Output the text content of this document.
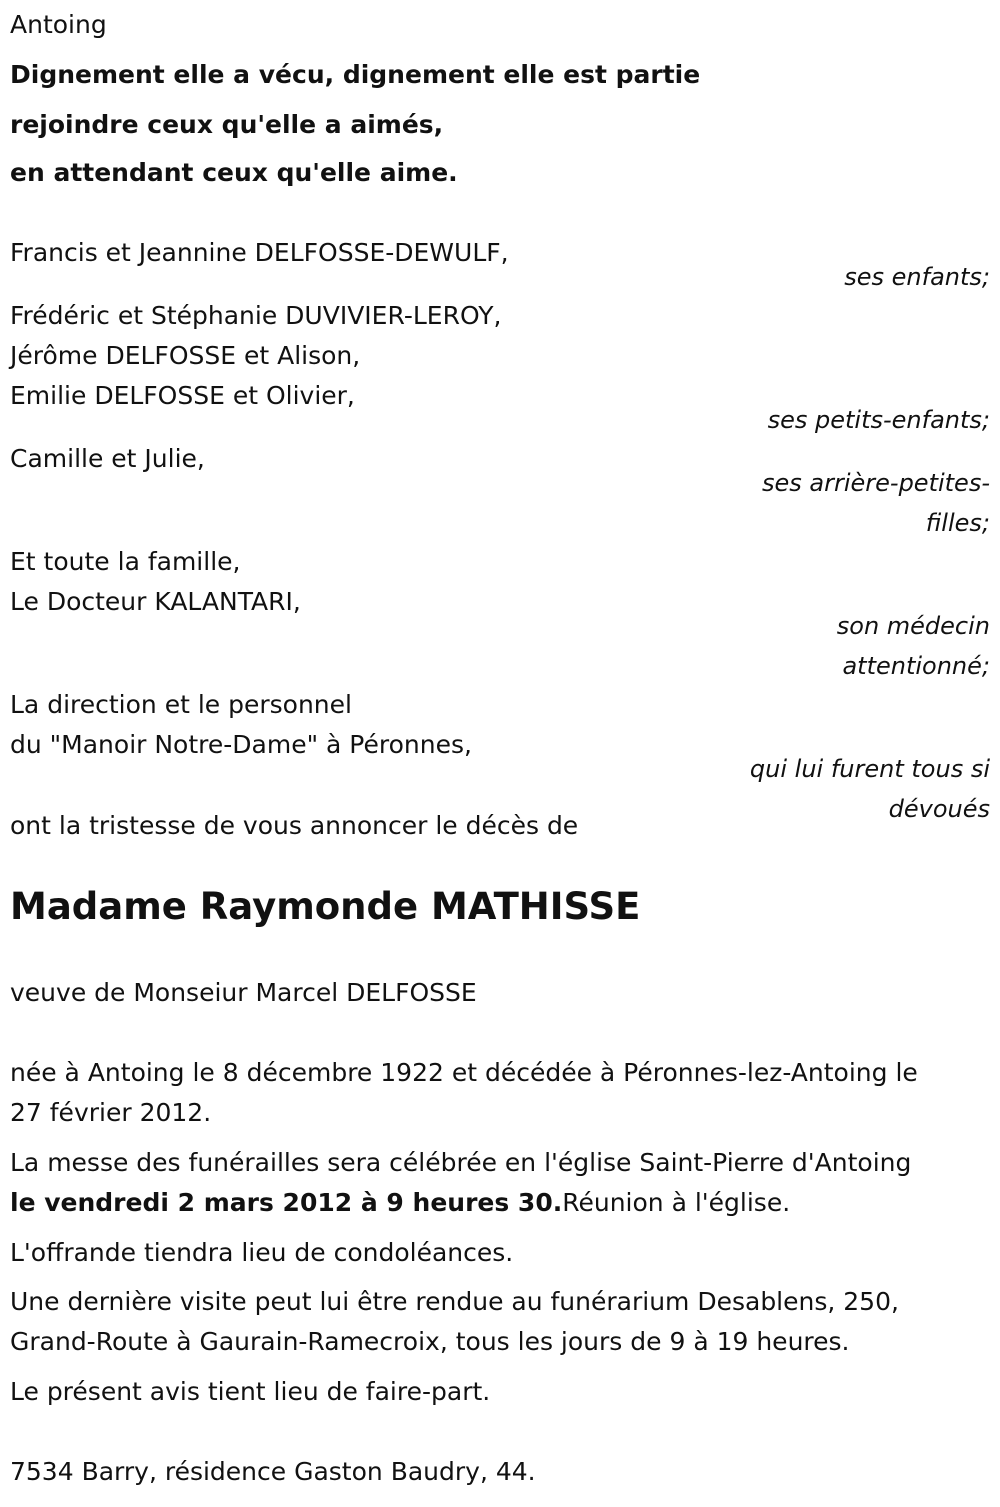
Antoing

Dignement elle a vécu, dignement elle est partie

rejoindre ceux qu'elle a aimés,

en attendant ceux qu'elle aime.

Francis et Jeannine DELFOSSE-DEWULF,

ses enfants;

Frédéric et Stéphanie DUVIVIER-LEROY,

Jérôme DELFOSSE et Alison,

Emilie DELFOSSE et Olivier,

ses petits-enfants;

Camille et Julie,

ses arrière-petites-
filles;

Et toute la famille,

Le Docteur KALANTARI,

son médecin
attentionné;

La direction et le personnel

du "Manoir Notre-Dame" à Péronnes,

qui lui furent tous si
dévoués

ont la tristesse de vous annoncer le décès de

Madame Raymonde MATHISSE

veuve de Monseiur Marcel DELFOSSE

née à Antoing le 8 décembre 1922 et décédée à Péronnes-lez-Antoing le

27 février 2012.

La messe des funérailles sera célébrée en l'église Saint-Pierre d'Antoing

le vendredi 2 mars 2012 à 9 heures 30.Réunion à l'église.

L'offrande tiendra lieu de condoléances.

Une dernière visite peut lui être rendue au funérarium Desablens, 250,

Grand-Route à Gaurain-Ramecroix, tous les jours de 9 à 19 heures.

Le présent avis tient lieu de faire-part.

7534 Barry, résidence Gaston Baudry, 44.
